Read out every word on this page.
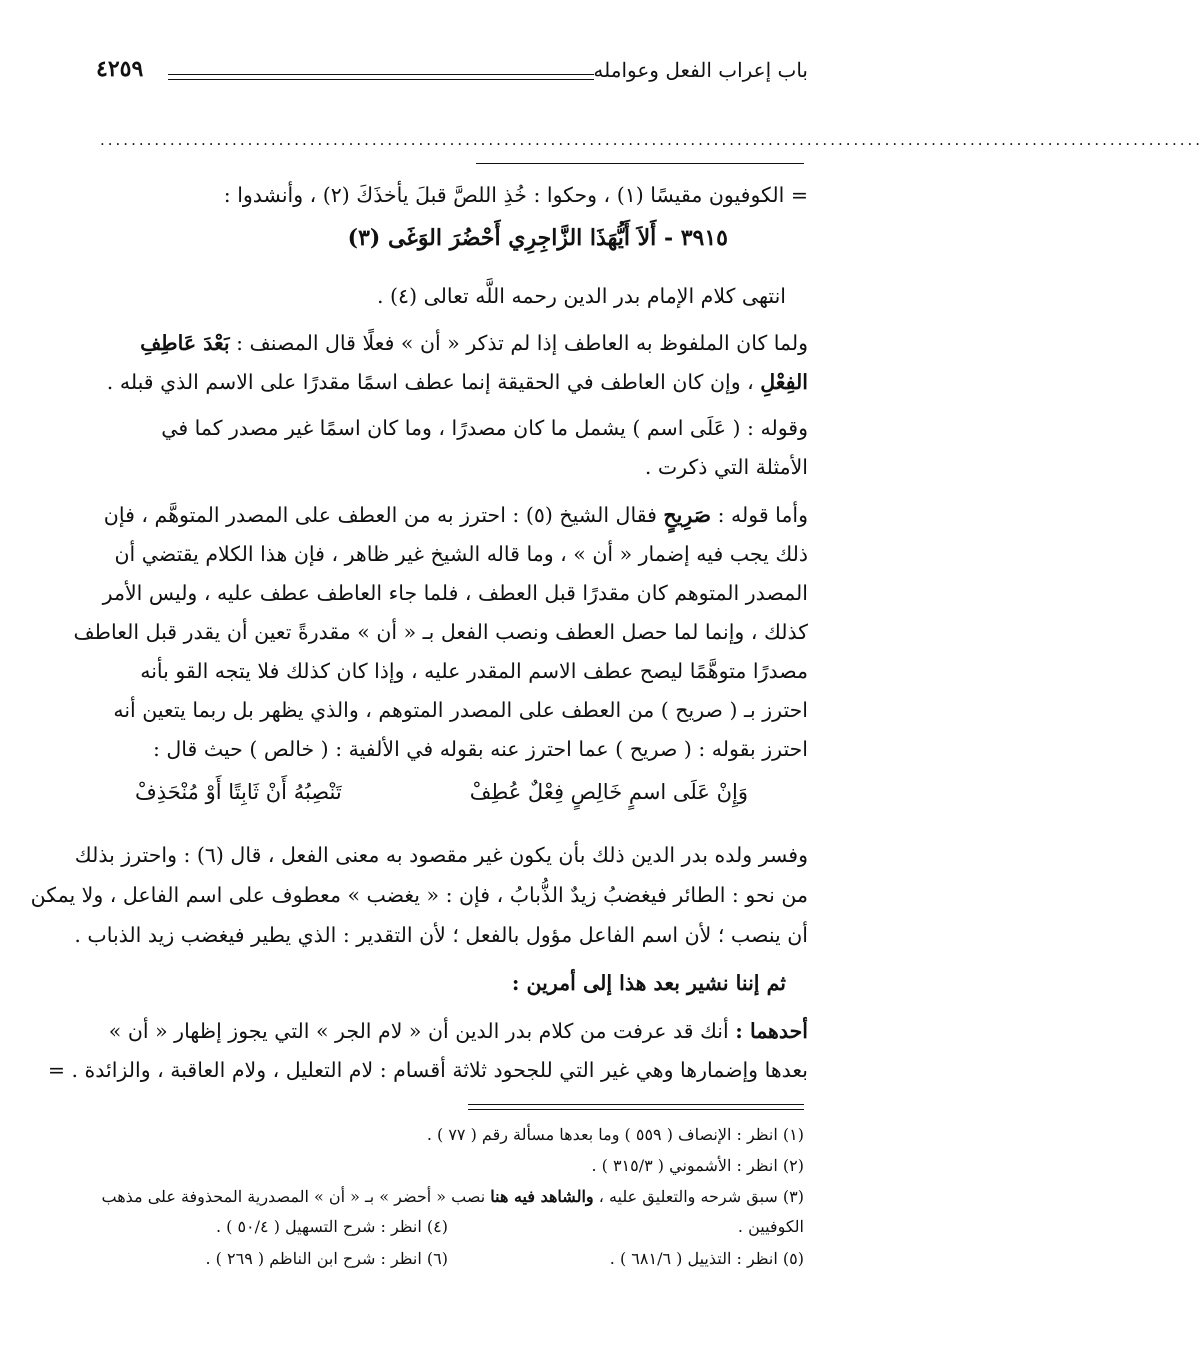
باب إعراب الفعل وعوامله
٤٢٥٩
..............................................................................................................................................
= الكوفيون مقيسًا (١) ، وحكوا : خُذِ اللصَّ قبلَ يأخذَكَ (٢) ، وأنشدوا :
٣٩١٥ - أَلاَ أَيُّهَذَا الزَّاجِرِي أَحْضُرَ الوَغَى (٣)
انتهى كلام الإمام بدر الدين رحمه اللَّه تعالى (٤) .
ولما كان الملفوظ به العاطف إذا لم تذكر « أن » فعلًا قال المصنف : بَعْدَ عَاطِفِ
الفِعْلِ ، وإن كان العاطف في الحقيقة إنما عطف اسمًا مقدرًا على الاسم الذي قبله .
وقوله : ( عَلَى اسم ) يشمل ما كان مصدرًا ، وما كان اسمًا غير مصدر كما في
الأمثلة التي ذكرت .
وأما قوله : صَرِيحٍ فقال الشيخ (٥) : احترز به من العطف على المصدر المتوهَّم ، فإن
ذلك يجب فيه إضمار « أن » ، وما قاله الشيخ غير ظاهر ، فإن هذا الكلام يقتضي أن
المصدر المتوهم كان مقدرًا قبل العطف ، فلما جاء العاطف عطف عليه ، وليس الأمر
كذلك ، وإنما لما حصل العطف ونصب الفعل بـ « أن » مقدرةً تعين أن يقدر قبل العاطف
مصدرًا متوهَّمًا ليصح عطف الاسم المقدر عليه ، وإذا كان كذلك فلا يتجه القو بأنه
احترز بـ ( صريح ) من العطف على المصدر المتوهم ، والذي يظهر بل ربما يتعين أنه
احترز بقوله : ( صريح ) عما احترز عنه بقوله في الألفية : ( خالص ) حيث قال :
وَإِنْ عَلَى اسمٍ خَالِصٍ فِعْلٌ عُطِفْ
تَنْصِبُهُ أَنْ ثَابِتًا أَوْ مُنْحَذِفْ
وفسر ولده بدر الدين ذلك بأن يكون غير مقصود به معنى الفعل ، قال (٦) : واحترز بذلك
من نحو : الطائر فيغضبُ زيدٌ الذُّبابُ ، فإن : « يغضب » معطوف على اسم الفاعل ، ولا يمكن
أن ينصب ؛ لأن اسم الفاعل مؤول بالفعل ؛ لأن التقدير : الذي يطير فيغضب زيد الذباب .
ثم إننا نشير بعد هذا إلى أمرين :
أحدهما : أنك قد عرفت من كلام بدر الدين أن « لام الجر » التي يجوز إظهار « أن »
بعدها وإضمارها وهي غير التي للجحود ثلاثة أقسام : لام التعليل ، ولام العاقبة ، والزائدة . =
(١) انظر : الإنصاف ( ٥٥٩ ) وما بعدها مسألة رقم ( ٧٧ ) .
(٢) انظر : الأشموني ( ٣١٥/٣ ) .
(٣) سبق شرحه والتعليق عليه ، والشاهد فيه هنا نصب « أحضر » بـ « أن » المصدرية المحذوفة على مذهب
الكوفيين .
(٤) انظر : شرح التسهيل ( ٥٠/٤ ) .
(٥) انظر : التذييل ( ٦٨١/٦ ) .
(٦) انظر : شرح ابن الناظم ( ٢٦٩ ) .
